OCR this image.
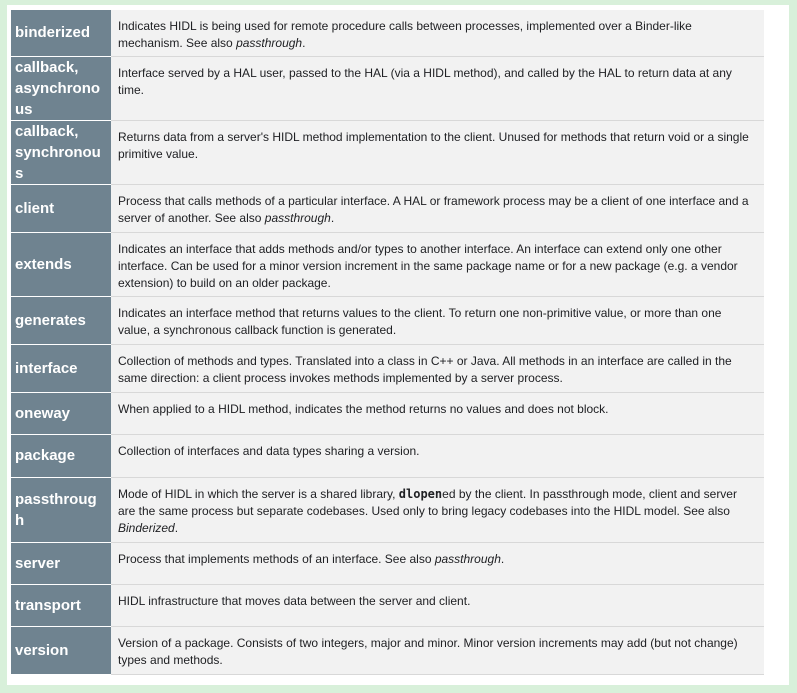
binderized	Indicates HIDL is being used for remote procedure calls between processes, implemented over a Binder-like mechanism. See also passthrough.
callback, asynchronous	Interface served by a HAL user, passed to the HAL (via a HIDL method), and called by the HAL to return data at any time.
callback, synchronous	Returns data from a server's HIDL method implementation to the client. Unused for methods that return void or a single primitive value.
client	Process that calls methods of a particular interface. A HAL or framework process may be a client of one interface and a server of another. See also passthrough.
extends	Indicates an interface that adds methods and/or types to another interface. An interface can extend only one other interface. Can be used for a minor version increment in the same package name or for a new package (e.g. a vendor extension) to build on an older package.
generates	Indicates an interface method that returns values to the client. To return one non-primitive value, or more than one value, a synchronous callback function is generated.
interface	Collection of methods and types. Translated into a class in C++ or Java. All methods in an interface are called in the same direction: a client process invokes methods implemented by a server process.
oneway	When applied to a HIDL method, indicates the method returns no values and does not block.
package	Collection of interfaces and data types sharing a version.
passthrough	Mode of HIDL in which the server is a shared library, dlopened by the client. In passthrough mode, client and server are the same process but separate codebases. Used only to bring legacy codebases into the HIDL model. See also Binderized.
server	Process that implements methods of an interface. See also passthrough.
transport	HIDL infrastructure that moves data between the server and client.
version	Version of a package. Consists of two integers, major and minor. Minor version increments may add (but not change) types and methods.
